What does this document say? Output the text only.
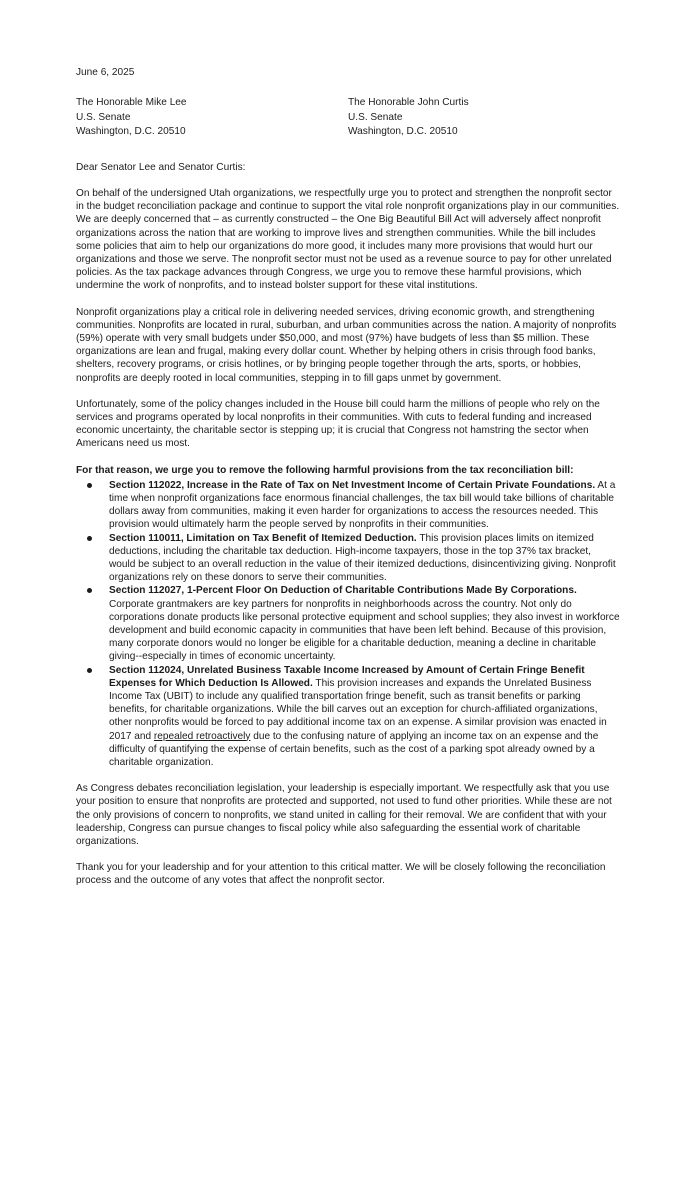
June 6, 2025

The Honorable Mike Lee
U.S. Senate
Washington, D.C. 20510
The Honorable John Curtis
U.S. Senate
Washington, D.C. 20510

Dear Senator Lee and Senator Curtis:

On behalf of the undersigned Utah organizations, we respectfully urge you to protect and strengthen the nonprofit sector in the budget reconciliation package and continue to support the vital role nonprofit organizations play in our communities. We are deeply concerned that – as currently constructed – the One Big Beautiful Bill Act will adversely affect nonprofit organizations across the nation that are working to improve lives and strengthen communities. While the bill includes some policies that aim to help our organizations do more good, it includes many more provisions that would hurt our organizations and those we serve. The nonprofit sector must not be used as a revenue source to pay for other unrelated policies. As the tax package advances through Congress, we urge you to remove these harmful provisions, which undermine the work of nonprofits, and to instead bolster support for these vital institutions.

Nonprofit organizations play a critical role in delivering needed services, driving economic growth, and strengthening communities. Nonprofits are located in rural, suburban, and urban communities across the nation. A majority of nonprofits (59%) operate with very small budgets under $50,000, and most (97%) have budgets of less than $5 million. These organizations are lean and frugal, making every dollar count. Whether by helping others in crisis through food banks, shelters, recovery programs, or crisis hotlines, or by bringing people together through the arts, sports, or hobbies, nonprofits are deeply rooted in local communities, stepping in to fill gaps unmet by government.

Unfortunately, some of the policy changes included in the House bill could harm the millions of people who rely on the services and programs operated by local nonprofits in their communities. With cuts to federal funding and increased economic uncertainty, the charitable sector is stepping up; it is crucial that Congress not hamstring the sector when Americans need us most.

For that reason, we urge you to remove the following harmful provisions from the tax reconciliation bill:

Section 112022, Increase in the Rate of Tax on Net Investment Income of Certain Private Foundations. At a time when nonprofit organizations face enormous financial challenges, the tax bill would take billions of charitable dollars away from communities, making it even harder for organizations to access the resources needed. This provision would ultimately harm the people served by nonprofits in their communities.
Section 110011, Limitation on Tax Benefit of Itemized Deduction. This provision places limits on itemized deductions, including the charitable tax deduction. High-income taxpayers, those in the top 37% tax bracket, would be subject to an overall reduction in the value of their itemized deductions, disincentivizing giving. Nonprofit organizations rely on these donors to serve their communities.
Section 112027, 1-Percent Floor On Deduction of Charitable Contributions Made By Corporations. Corporate grantmakers are key partners for nonprofits in neighborhoods across the country. Not only do corporations donate products like personal protective equipment and school supplies; they also invest in workforce development and build economic capacity in communities that have been left behind. Because of this provision, many corporate donors would no longer be eligible for a charitable deduction, meaning a decline in charitable giving--especially in times of economic uncertainty.
Section 112024, Unrelated Business Taxable Income Increased by Amount of Certain Fringe Benefit Expenses for Which Deduction Is Allowed. This provision increases and expands the Unrelated Business Income Tax (UBIT) to include any qualified transportation fringe benefit, such as transit benefits or parking benefits, for charitable organizations. While the bill carves out an exception for church-affiliated organizations, other nonprofits would be forced to pay additional income tax on an expense. A similar provision was enacted in 2017 and repealed retroactively due to the confusing nature of applying an income tax on an expense and the difficulty of quantifying the expense of certain benefits, such as the cost of a parking spot already owned by a charitable organization.

As Congress debates reconciliation legislation, your leadership is especially important. We respectfully ask that you use your position to ensure that nonprofits are protected and supported, not used to fund other priorities. While these are not the only provisions of concern to nonprofits, we stand united in calling for their removal. We are confident that with your leadership, Congress can pursue changes to fiscal policy while also safeguarding the essential work of charitable organizations.

Thank you for your leadership and for your attention to this critical matter. We will be closely following the reconciliation process and the outcome of any votes that affect the nonprofit sector.
